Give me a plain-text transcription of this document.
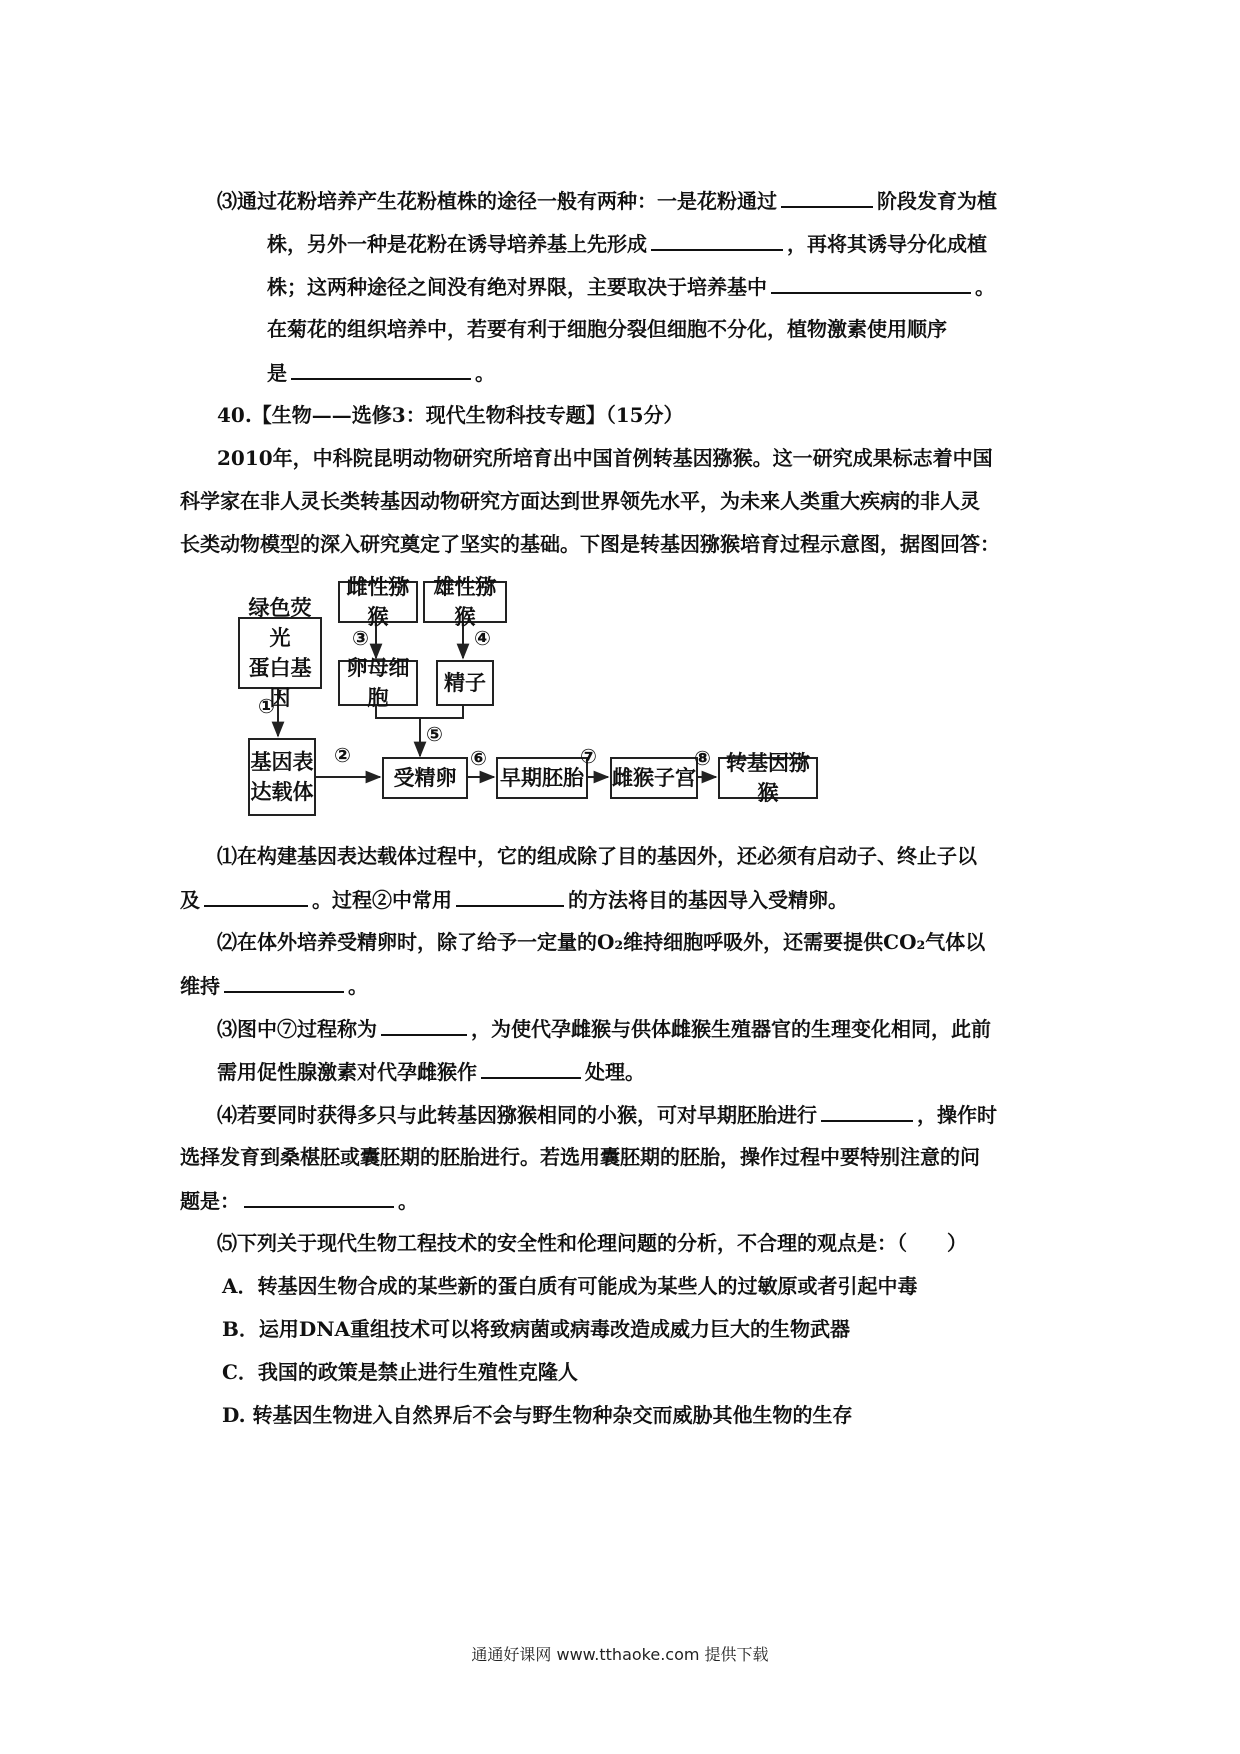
⑶通过花粉培养产生花粉植株的途径一般有两种：一是花粉通过	阶段发育为植
株，另外一种是花粉在诱导培养基上先形成	，再将其诱导分化成植
株；这两种途径之间没有绝对界限，主要取决于培养基中	。
在菊花的组织培养中，若要有利于细胞分裂但细胞不分化，植物激素使用顺序
是	。
40.【生物——选修3：现代生物科技专题】（15分）
2010年，中科院昆明动物研究所培育出中国首例转基因猕猴。这一研究成果标志着中国
科学家在非人灵长类转基因动物研究方面达到世界领先水平，为未来人类重大疾病的非人灵
长类动物模型的深入研究奠定了坚实的基础。下图是转基因猕猴培育过程示意图，据图回答：
雌性猕猴
雄性猕猴
绿色荧光
蛋白基因
卵母细胞
精子
基因表
达载体
受精卵	早期胚胎 雌猴子宫
转基因猕猴
①
②
③	④
⑤
⑥	⑦	⑧
⑴在构建基因表达载体过程中，它的组成除了目的基因外，还必须有启动子、终止子以
及	。过程②中常用	的方法将目的基因导入受精卵。
⑵在体外培养受精卵时，除了给予一定量的O₂维持细胞呼吸外，还需要提供CO₂气体以
维持	。
⑶图中⑦过程称为	，为使代孕雌猴与供体雌猴生殖器官的生理变化相同，此前
需用促性腺激素对代孕雌猴作	处理。
⑷若要同时获得多只与此转基因猕猴相同的小猴，可对早期胚胎进行	，操作时
选择发育到桑椹胚或囊胚期的胚胎进行。若选用囊胚期的胚胎，操作过程中要特别注意的问
题是：	。
⑸下列关于现代生物工程技术的安全性和伦理问题的分析，不合理的观点是：（　　）
A．转基因生物合成的某些新的蛋白质有可能成为某些人的过敏原或者引起中毒
B．运用DNA重组技术可以将致病菌或病毒改造成威力巨大的生物武器
C．我国的政策是禁止进行生殖性克隆人
D. 转基因生物进入自然界后不会与野生物种杂交而威胁其他生物的生存
通通好课网 www.tthaoke.com 提供下载
